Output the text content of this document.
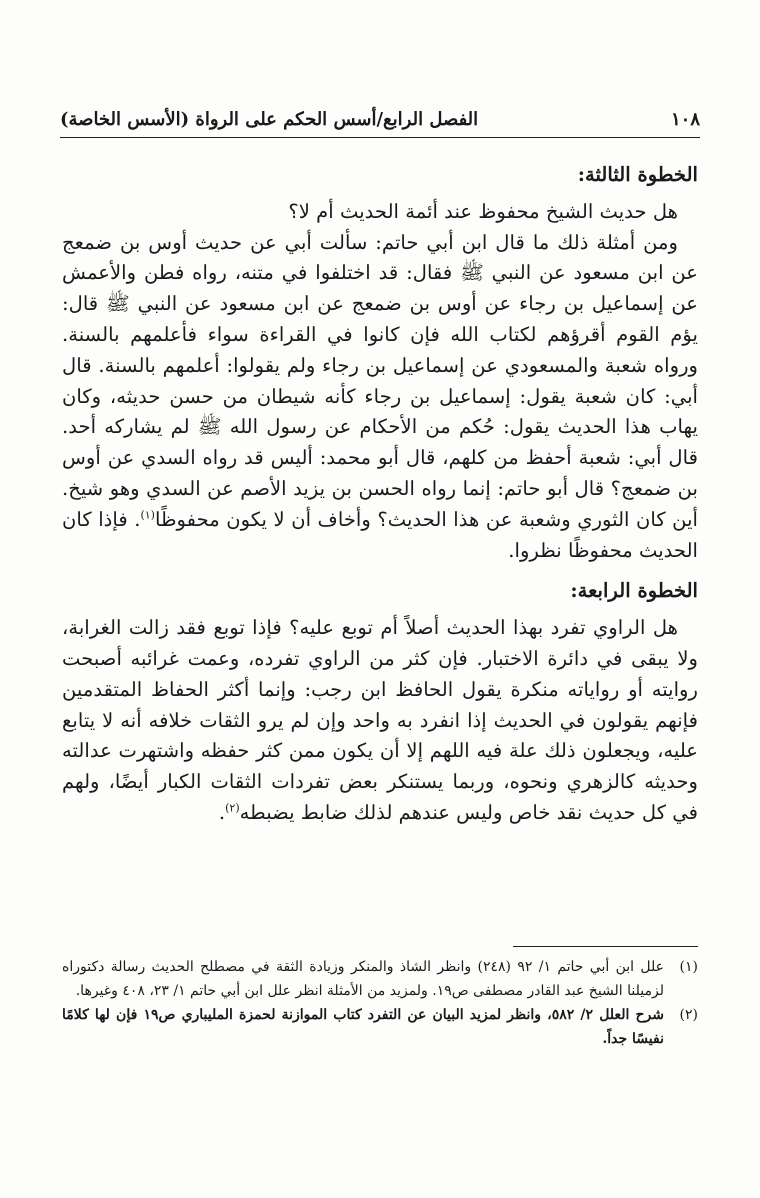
١٠٨
الفصل الرابع/أسس الحكم على الرواة (الأسس الخاصة)

الخطوة الثالثة:

هل حديث الشيخ محفوظ عند أئمة الحديث أم لا؟

ومن أمثلة ذلك ما قال ابن أبي حاتم: سألت أبي عن حديث أوس بن ضمعج عن ابن مسعود عن النبي ﷺ فقال: قد اختلفوا في متنه، رواه فطن والأعمش عن إسماعيل بن رجاء عن أوس بن ضمعج عن ابن مسعود عن النبي ﷺ قال: يؤم القوم أقرؤهم لكتاب الله فإن كانوا في القراءة سواء فأعلمهم بالسنة. ورواه شعبة والمسعودي عن إسماعيل بن رجاء ولم يقولوا: أعلمهم بالسنة. قال أبي: كان شعبة يقول: إسماعيل بن رجاء كأنه شيطان من حسن حديثه، وكان يهاب هذا الحديث يقول: حُكم من الأحكام عن رسول الله ﷺ لم يشاركه أحد. قال أبي: شعبة أحفظ من كلهم، قال أبو محمد: أليس قد رواه السدي عن أوس بن ضمعج؟ قال أبو حاتم: إنما رواه الحسن بن يزيد الأصم عن السدي وهو شيخ. أين كان الثوري وشعبة عن هذا الحديث؟ وأخاف أن لا يكون محفوظًا$^{(١)}$. فإذا كان الحديث محفوظًا نظروا.

الخطوة الرابعة:

هل الراوي تفرد بهذا الحديث أصلاً أم توبع عليه؟ فإذا توبع فقد زالت الغرابة، ولا يبقى في دائرة الاختبار. فإن كثر من الراوي تفرده، وعمت غرائبه أصبحت روايته أو رواياته منكرة يقول الحافظ ابن رجب: وإنما أكثر الحفاظ المتقدمين فإنهم يقولون في الحديث إذا انفرد به واحد وإن لم يرو الثقات خلافه أنه لا يتابع عليه، ويجعلون ذلك علة فيه اللهم إلا أن يكون ممن كثر حفظه واشتهرت عدالته وحديثه كالزهري ونحوه، وربما يستنكر بعض تفردات الثقات الكبار أيضًا، ولهم في كل حديث نقد خاص وليس عندهم لذلك ضابط يضبطه$^{(٢)}$.

(١)
علل ابن أبي حاتم ١/ ٩٢ (٢٤٨) وانظر الشاذ والمنكر وزيادة الثقة في مصطلح الحديث رسالة دكتوراه لزميلنا الشيخ عبد القادر مصطفى ص١٩. ولمزيد من الأمثلة انظر علل ابن أبي حاتم ١/ ٢٣، ٤٠٨ وغيرها.

(٢)
شرح العلل ٢/ ٥٨٢، وانظر لمزيد البيان عن التفرد كتاب الموازنة لحمزة المليباري ص١٩ فإن لها كلامًا نفيسًا جداً.
